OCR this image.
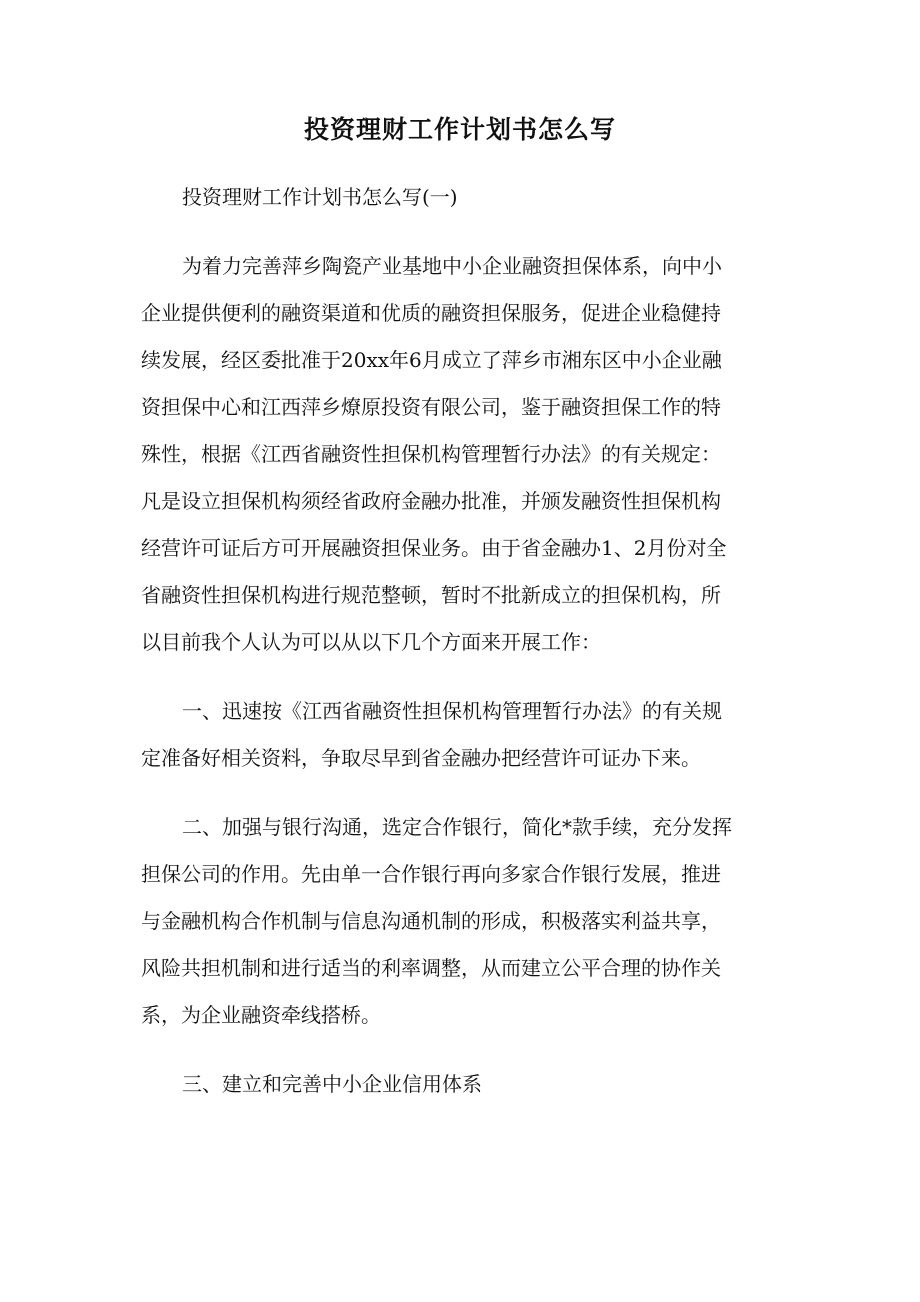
投资理财工作计划书怎么写
投资理财工作计划书怎么写(一)
为着力完善萍乡陶瓷产业基地中小企业融资担保体系，向中小
企业提供便利的融资渠道和优质的融资担保服务，促进企业稳健持
续发展，经区委批准于20xx年6月成立了萍乡市湘东区中小企业融
资担保中心和江西萍乡燎原投资有限公司，鉴于融资担保工作的特
殊性，根据《江西省融资性担保机构管理暂行办法》的有关规定：
凡是设立担保机构须经省政府金融办批准，并颁发融资性担保机构
经营许可证后方可开展融资担保业务。由于省金融办1、2月份对全
省融资性担保机构进行规范整顿，暂时不批新成立的担保机构，所
以目前我个人认为可以从以下几个方面来开展工作：
一、迅速按《江西省融资性担保机构管理暂行办法》的有关规
定准备好相关资料，争取尽早到省金融办把经营许可证办下来。
二、加强与银行沟通，选定合作银行，简化*款手续，充分发挥
担保公司的作用。先由单一合作银行再向多家合作银行发展，推进
与金融机构合作机制与信息沟通机制的形成，积极落实利益共享，
风险共担机制和进行适当的利率调整，从而建立公平合理的协作关
系，为企业融资牵线搭桥。
三、建立和完善中小企业信用体系
